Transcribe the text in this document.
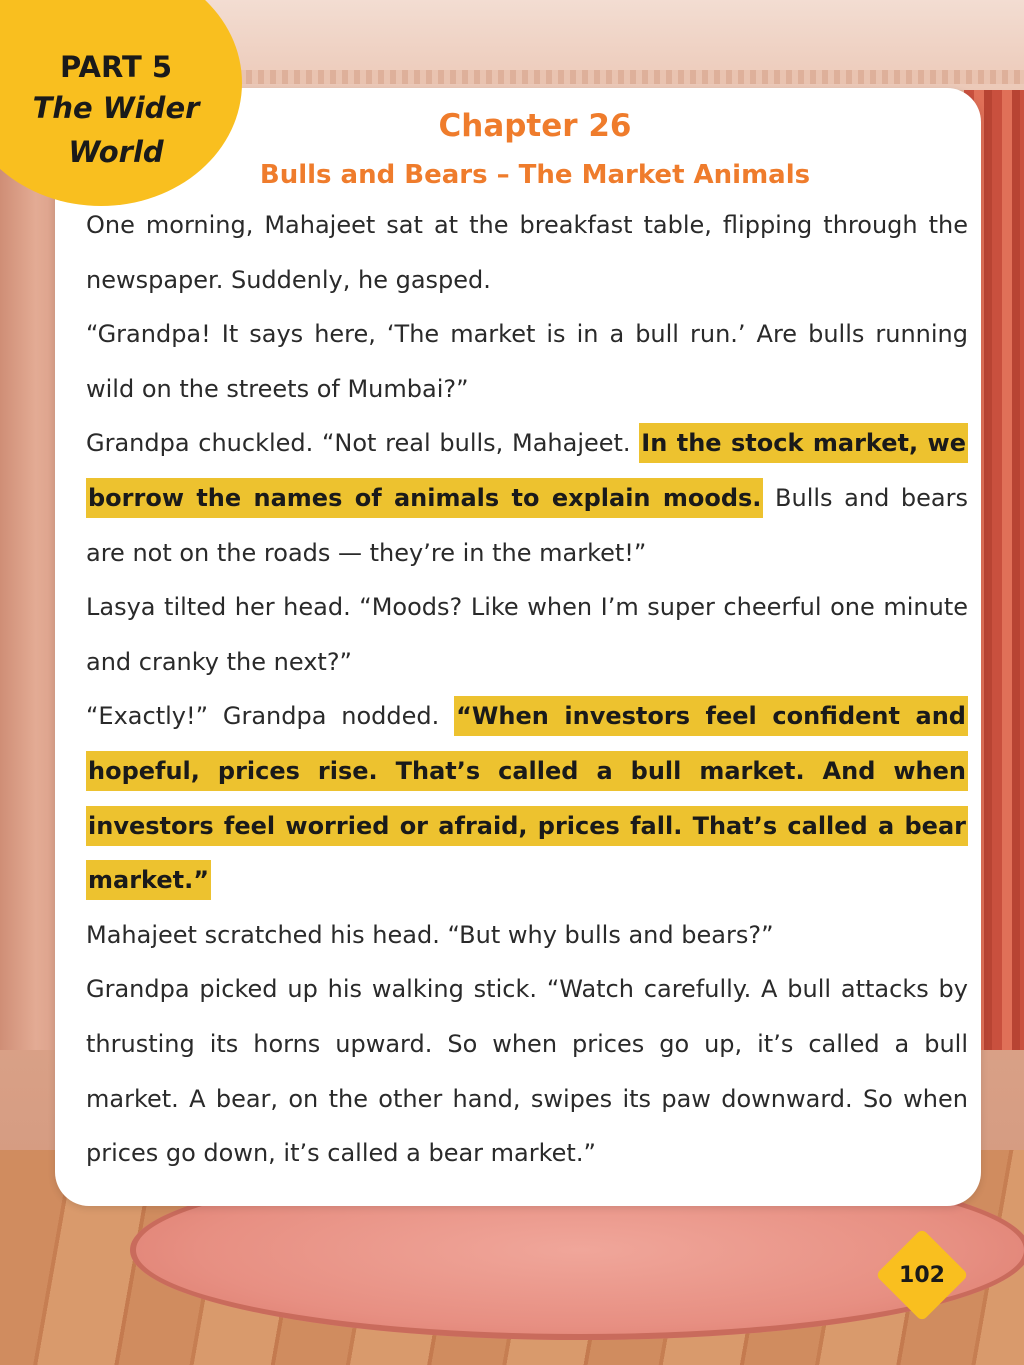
PART 5
The Wider World
Chapter 26
Bulls and Bears – The Market Animals

One morning, Mahajeet sat at the breakfast table, flipping through the newspaper. Suddenly, he gasped.

“Grandpa! It says here, ‘The market is in a bull run.’ Are bulls running wild on the streets of Mumbai?”

Grandpa chuckled. “Not real bulls, Mahajeet. In the stock market, we borrow the names of animals to explain moods. Bulls and bears are not on the roads — they’re in the market!”

Lasya tilted her head. “Moods? Like when I’m super cheerful one minute and cranky the next?”

“Exactly!” Grandpa nodded. “When investors feel confident and hopeful, prices rise. That’s called a bull market. And when investors feel worried or afraid, prices fall. That’s called a bear market.”

Mahajeet scratched his head. “But why bulls and bears?”

Grandpa picked up his walking stick. “Watch carefully. A bull attacks by thrusting its horns upward. So when prices go up, it’s called a bull market. A bear, on the other hand, swipes its paw downward. So when prices go down, it’s called a bear market.”

102
